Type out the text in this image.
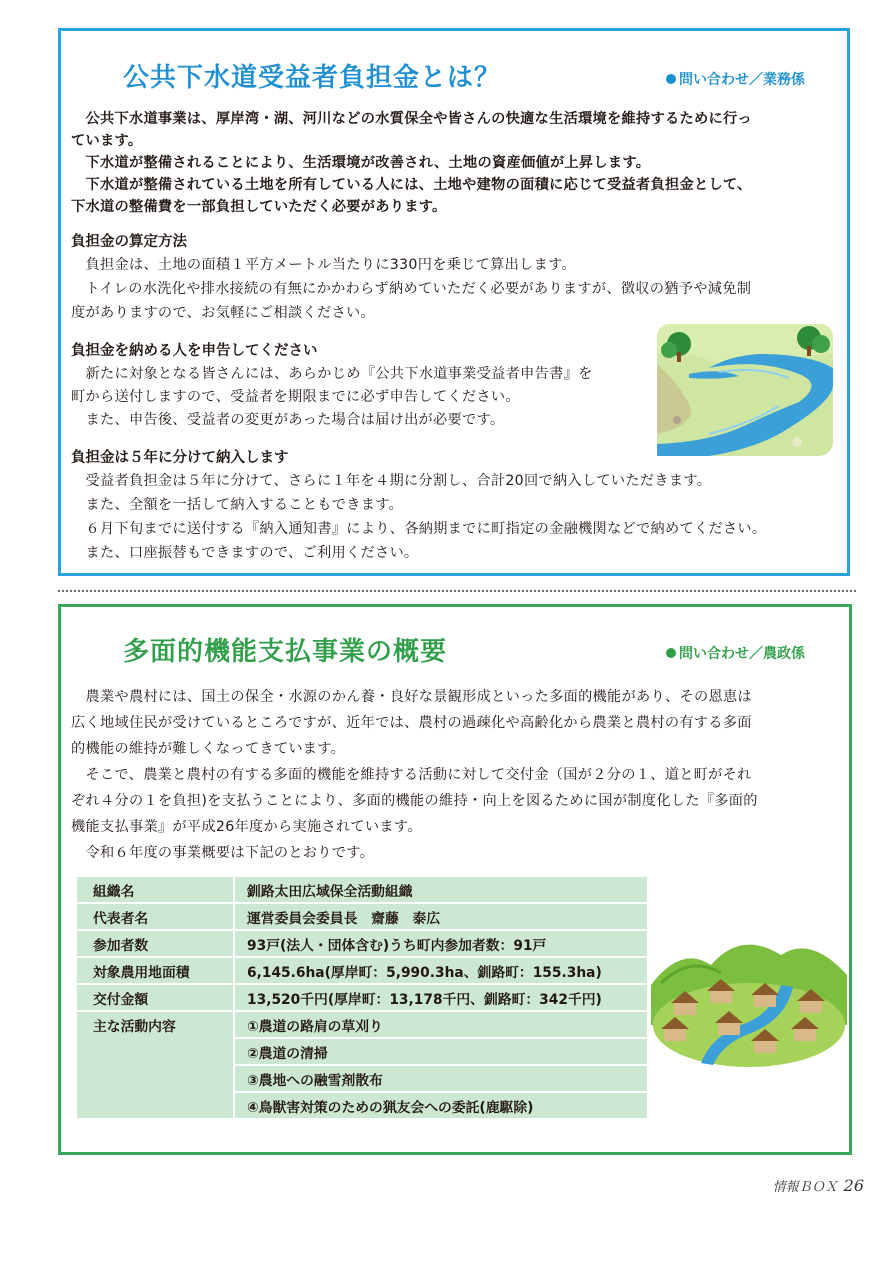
公共下水道受益者負担金とは？	問い合わせ／業務係
　公共下水道事業は、厚岸湾・湖、河川などの水質保全や皆さんの快適な生活環境を維持するために行っ
ています。
　下水道が整備されることにより、生活環境が改善され、土地の資産価値が上昇します。
　下水道が整備されている土地を所有している人には、土地や建物の面積に応じて受益者負担金として、
下水道の整備費を一部負担していただく必要があります。
負担金の算定方法
　負担金は、土地の面積１平方メートル当たりに330円を乗じて算出します。
　トイレの水洗化や排水接続の有無にかかわらず納めていただく必要がありますが、徴収の猶予や減免制
度がありますので、お気軽にご相談ください。
負担金を納める人を申告してください
　新たに対象となる皆さんには、あらかじめ『公共下水道事業受益者申告書』を
町から送付しますので、受益者を期限までに必ず申告してください。
　また、申告後、受益者の変更があった場合は届け出が必要です。
負担金は５年に分けて納入します
　受益者負担金は５年に分けて、さらに１年を４期に分割し、合計20回で納入していただきます。
　また、全額を一括して納入することもできます。
　６月下旬までに送付する『納入通知書』により、各納期までに町指定の金融機関などで納めてください。
　また、口座振替もできますので、ご利用ください。
多面的機能支払事業の概要	問い合わせ／農政係
　農業や農村には、国土の保全・水源のかん養・良好な景観形成といった多面的機能があり、その恩恵は
広く地域住民が受けているところですが、近年では、農村の過疎化や高齢化から農業と農村の有する多面
的機能の維持が難しくなってきています。
　そこで、農業と農村の有する多面的機能を維持する活動に対して交付金（国が２分の１、道と町がそれ
ぞれ４分の１を負担)を支払うことにより、多面的機能の維持・向上を図るために国が制度化した『多面的
機能支払事業』が平成26年度から実施されています。
　令和６年度の事業概要は下記のとおりです。
組織名	釧路太田広域保全活動組織
代表者名	運営委員会委員長　齋藤　泰広
参加者数	93戸(法人・団体含む)うち町内参加者数：91戸
対象農用地面積	6,145.6ha(厚岸町：5,990.3ha、釧路町：155.3ha)
交付金額	13,520千円(厚岸町：13,178千円、釧路町：342千円)
主な活動内容	①農道の路肩の草刈り
	②農道の清掃
	③農地への融雪剤散布
	④鳥獣害対策のための猟友会への委託(鹿駆除)
情報ＢＯＸ 26
